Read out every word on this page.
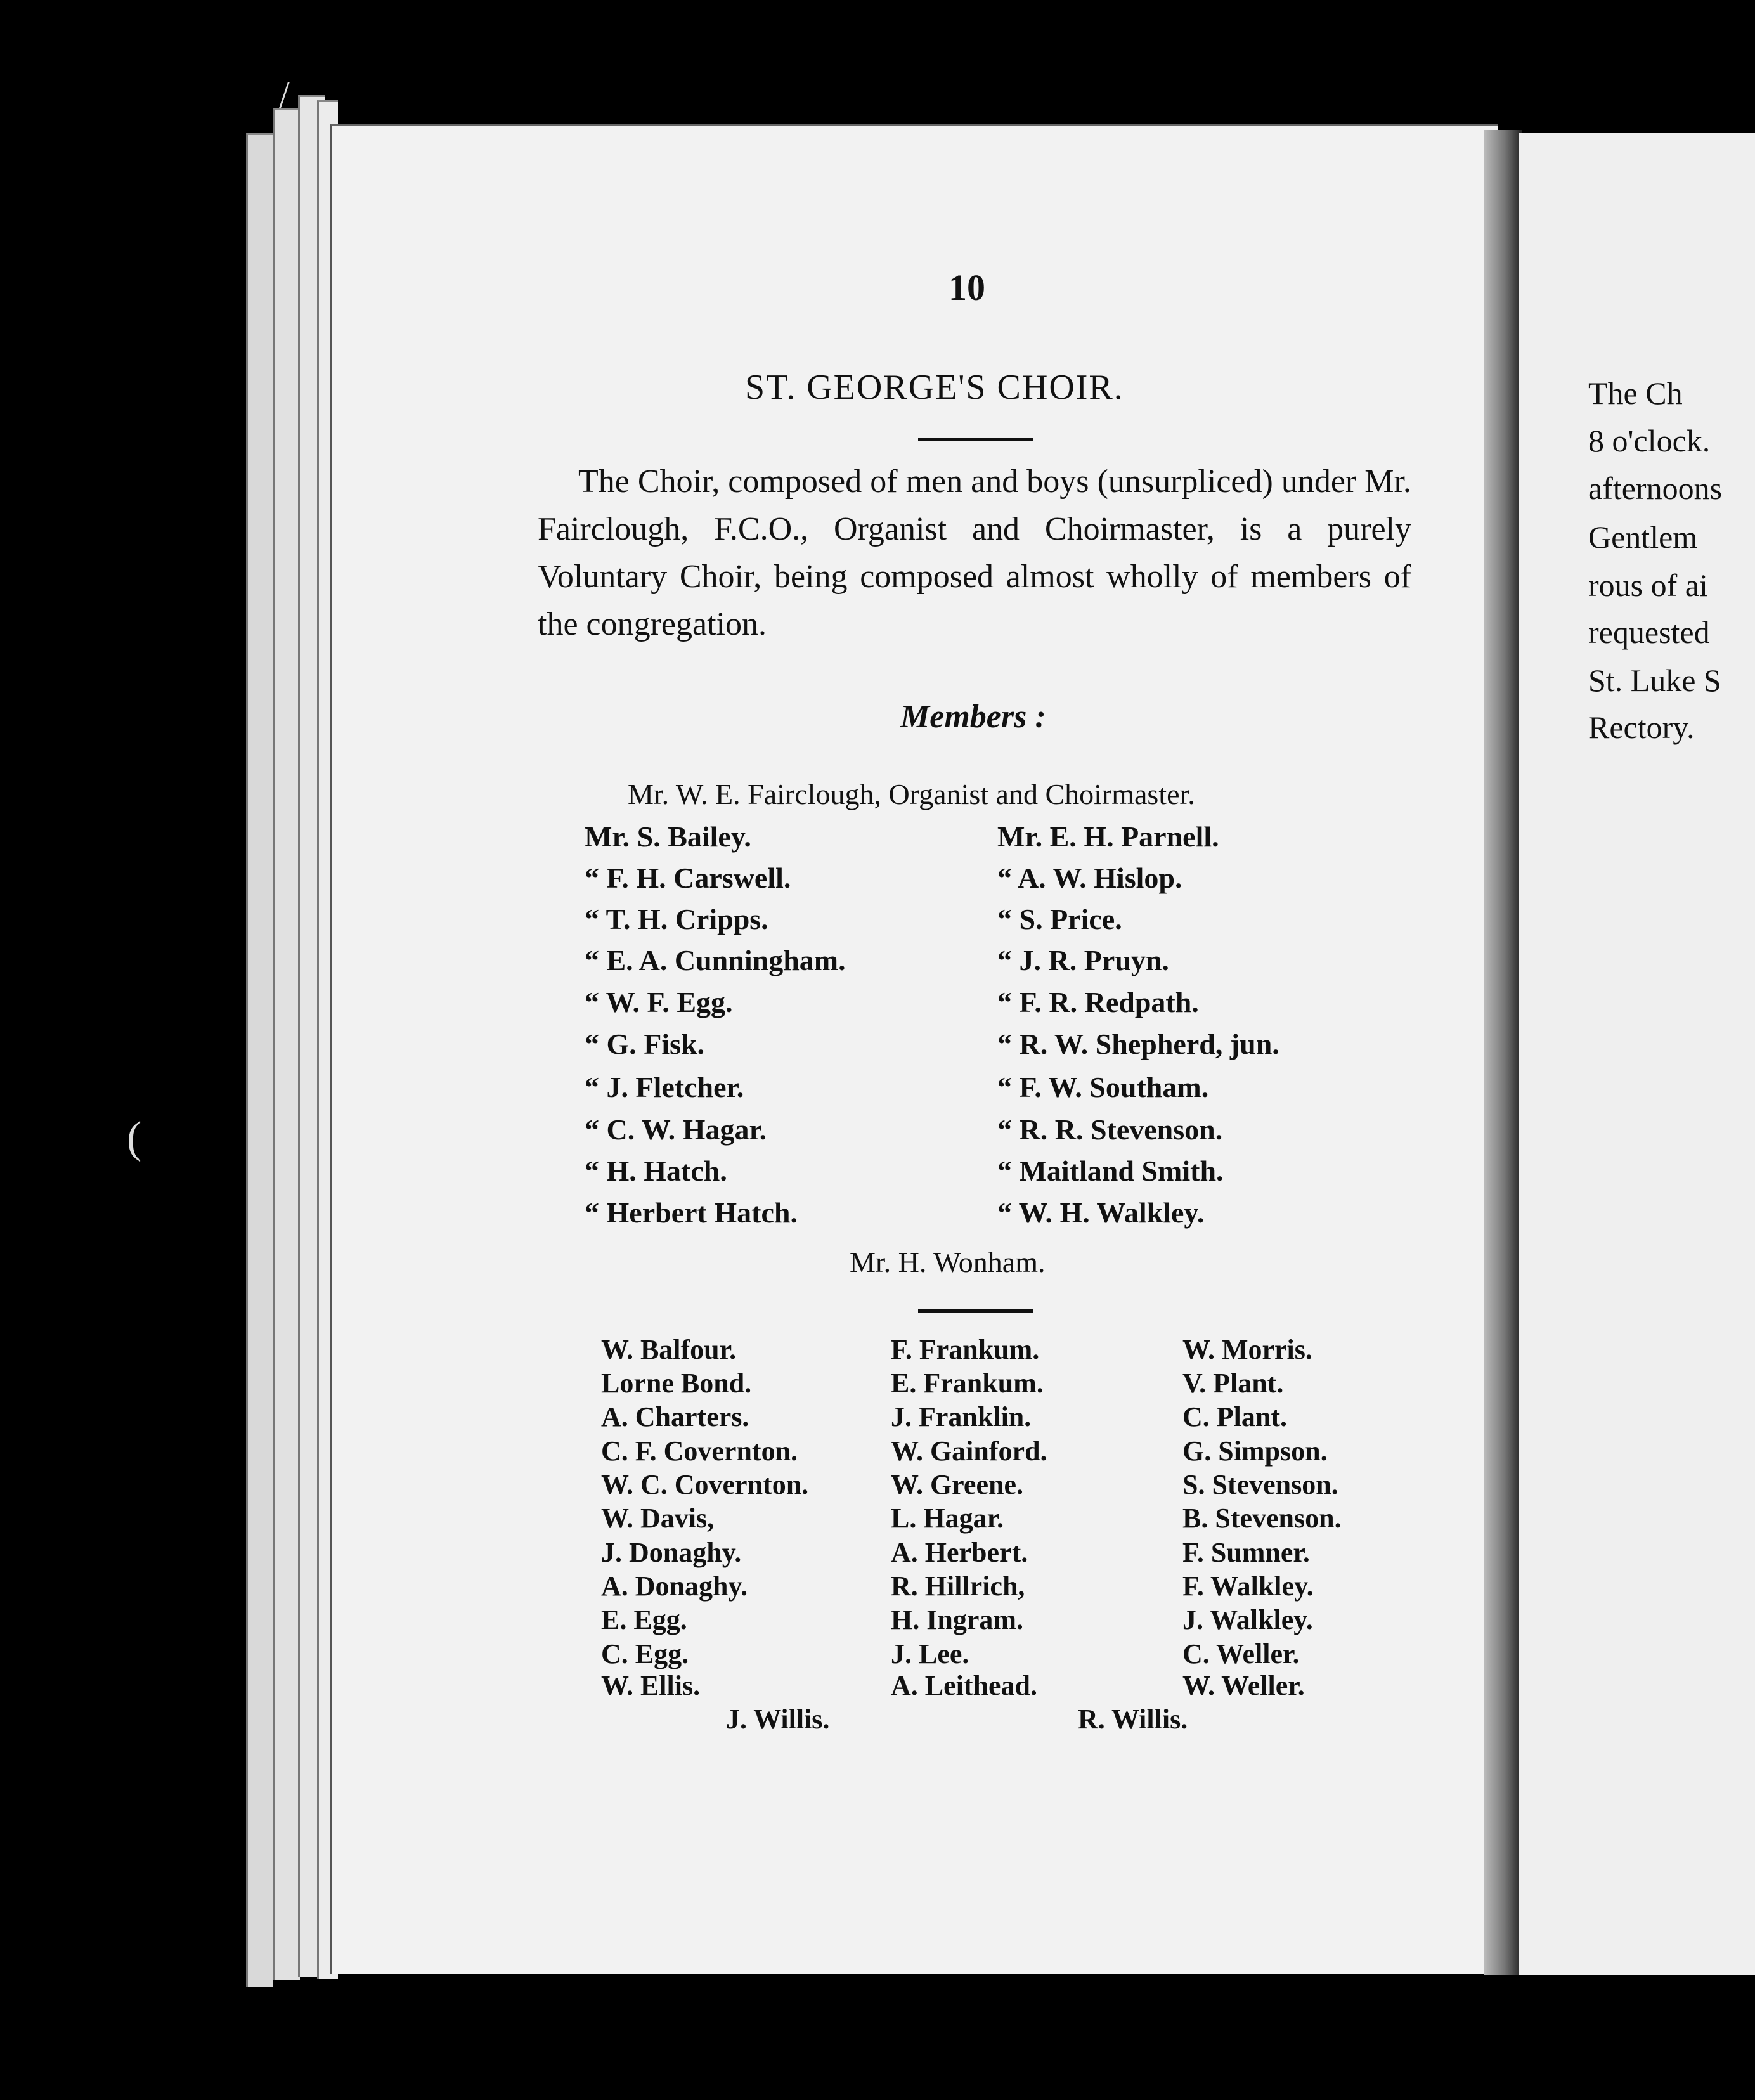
The Ch
8 o'clock.
afternoons
Gentlem
rous of ai
requested
St. Luke S
Rectory.
10
ST. GEORGE'S CHOIR.
The Choir, composed of men and boys (unsurpliced) under Mr. Fairclough, F.C.O., Organist and Choirmaster, is a purely Voluntary Choir, being composed almost wholly of members of the congregation.
Members :
Mr. W. E. Fairclough, Organist and Choirmaster.
Mr. S. Bailey.
“ F. H. Carswell.
“ T. H. Cripps.
“ E. A. Cunningham.
“ W. F. Egg.
“ G. Fisk.
“ J. Fletcher.
“ C. W. Hagar.
“ H. Hatch.
“ Herbert Hatch.
Mr. E. H. Parnell.
“ A. W. Hislop.
“ S. Price.
“ J. R. Pruyn.
“ F. R. Redpath.
“ R. W. Shepherd, jun.
“ F. W. Southam.
“ R. R. Stevenson.
“ Maitland Smith.
“ W. H. Walkley.
Mr. H. Wonham.
W. Balfour.
Lorne Bond.
A. Charters.
C. F. Covernton.
W. C. Covernton.
W. Davis,
J. Donaghy.
A. Donaghy.
E. Egg.
C. Egg.
W. Ellis.
F. Frankum.
E. Frankum.
J. Franklin.
W. Gainford.
W. Greene.
L. Hagar.
A. Herbert.
R. Hillrich,
H. Ingram.
J. Lee.
A. Leithead.
W. Morris.
V. Plant.
C. Plant.
G. Simpson.
S. Stevenson.
B. Stevenson.
F. Sumner.
F. Walkley.
J. Walkley.
C. Weller.
W. Weller.
J. Willis.	R. Willis.
(
/
